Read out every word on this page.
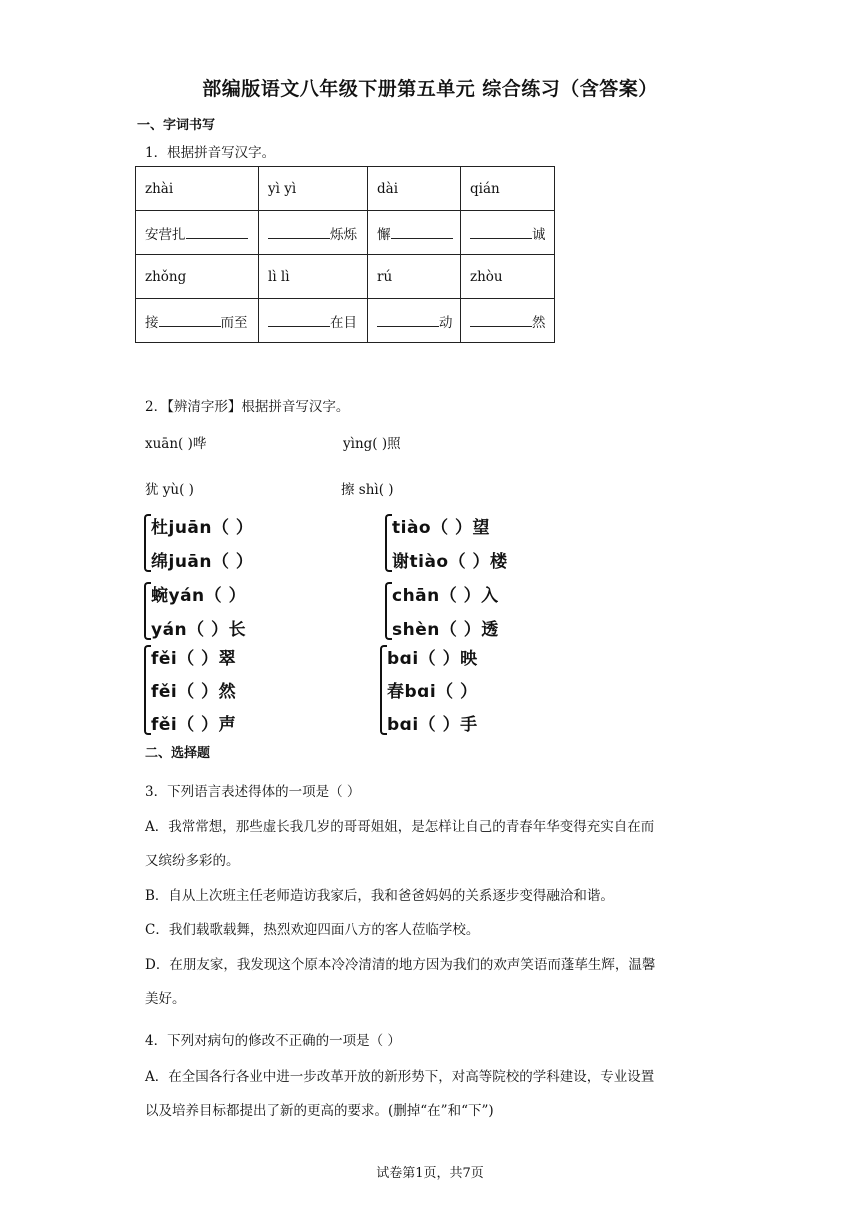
部编版语文八年级下册第五单元 综合练习（含答案）
一、字词书写
1．根据拼音写汉字。
zhài	yì yì	dài	qián
安营扎	烁烁	懈	诚
zhǒng	lì lì	rú	zhòu
接 而至	在目	动	然
2．【辨清字形】根据拼音写汉字。
xuān( )哗	yìng( )照
犹 yù( )	擦 shì( )
杜juān（ ）
绵juān（ ）
tiào（ ）望
谢tiào（ ）楼
蜿yán（ ）
yán（ ）长
chān（ ）入
shèn（ ）透
fěi（ ）翠
fěi（ ）然
fěi（ ）声
bɑi（ ）映
春bɑi（ ）
bɑi（ ）手
二、选择题
3．下列语言表述得体的一项是（ ）
A．我常常想，那些虚长我几岁的哥哥姐姐，是怎样让自己的青春年华变得充实自在而
又缤纷多彩的。
B．自从上次班主任老师造访我家后，我和爸爸妈妈的关系逐步变得融洽和谐。
C．我们载歌载舞，热烈欢迎四面八方的客人莅临学校。
D．在朋友家，我发现这个原本冷冷清清的地方因为我们的欢声笑语而蓬荜生辉，温馨
美好。
4．下列对病句的修改不正确的一项是（ ）
A．在全国各行各业中进一步改革开放的新形势下，对高等院校的学科建设，专业设置
以及培养目标都提出了新的更高的要求。(删掉“在”和“下”)
试卷第1页，共7页
